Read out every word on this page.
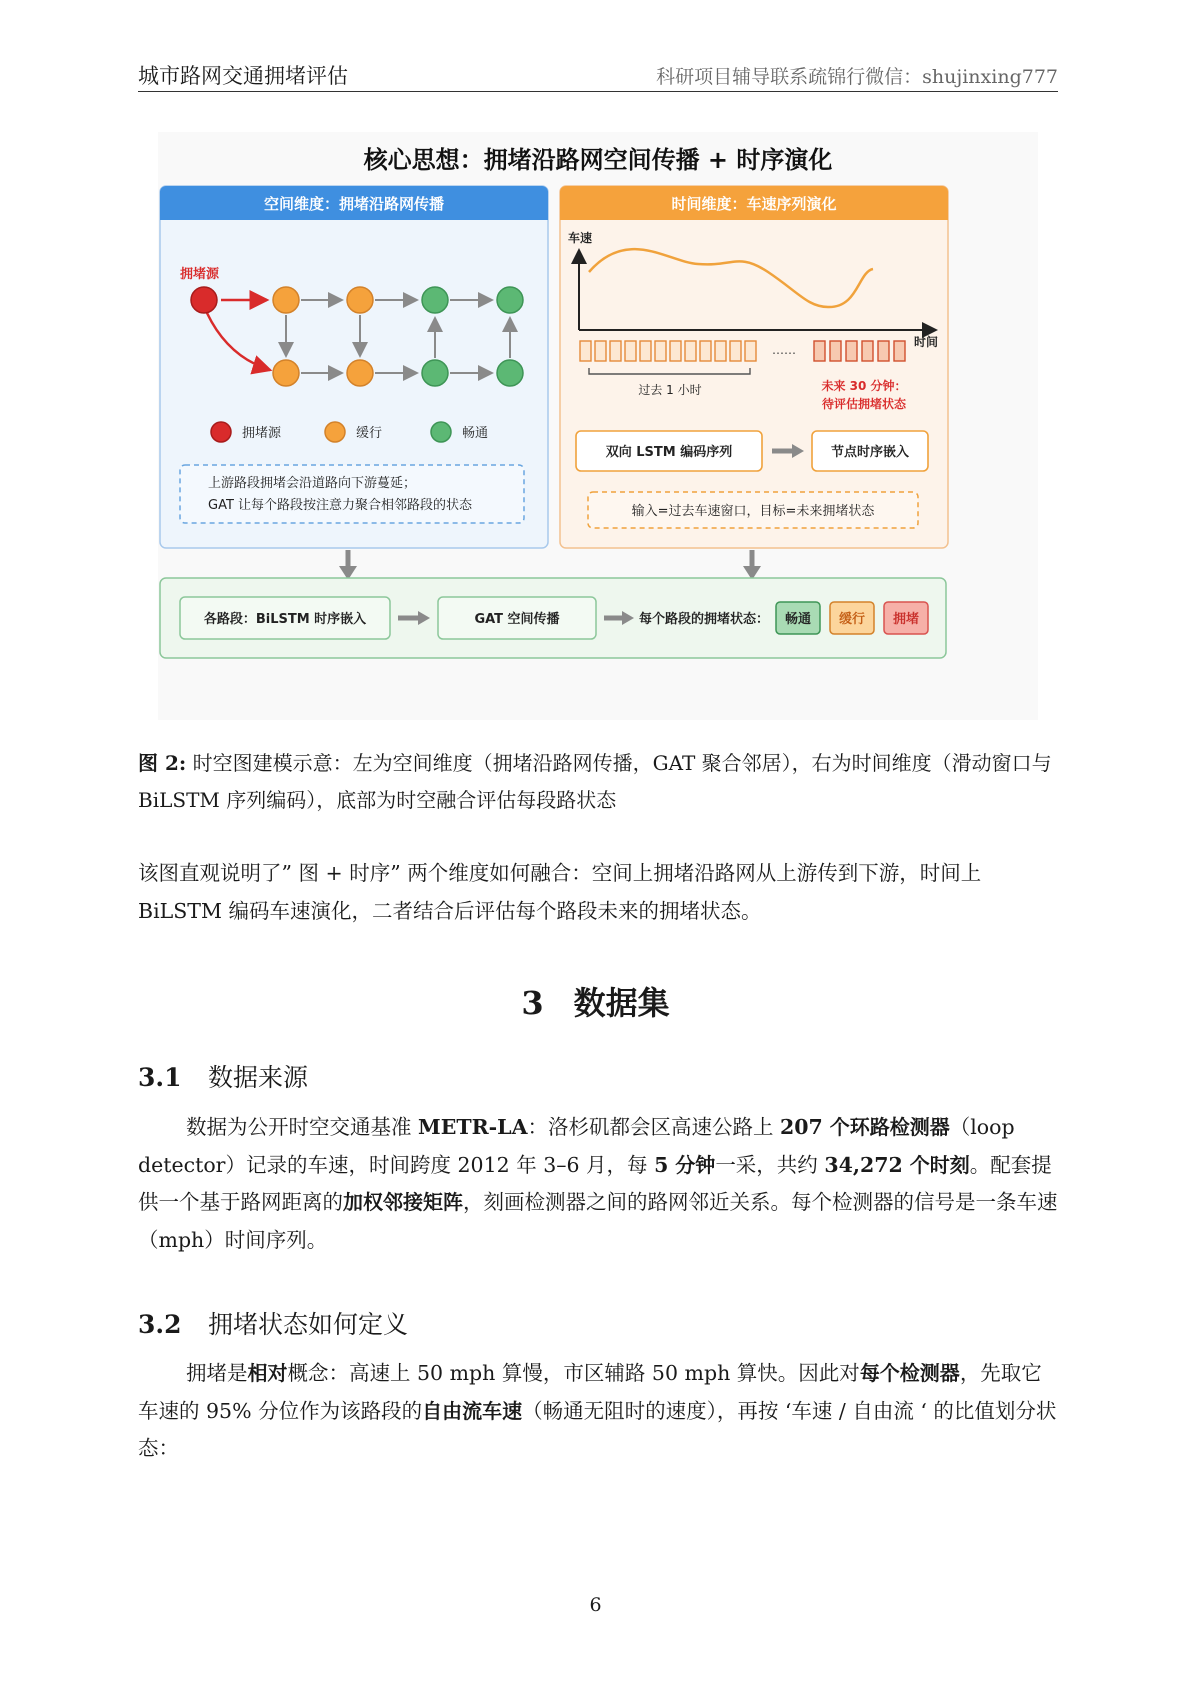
城市路网交通拥堵评估	科研项目辅导联系疏锦行微信：shujinxing777
核心思想：拥堵沿路网空间传播 + 时序演化
空间维度：拥堵沿路网传播
拥堵源
拥堵源	缓行	畅通
上游路段拥堵会沿道路向下游蔓延；
GAT 让每个路段按注意力聚合相邻路段的状态
时间维度：车速序列演化
车速
时间
……
过去 1 小时	未来 30 分钟：
待评估拥堵状态
双向 LSTM 编码序列	节点时序嵌入
输入=过去车速窗口，目标=未来拥堵状态
各路段：BiLSTM 时序嵌入	GAT 空间传播	每个路段的拥堵状态： 畅通 缓行 拥堵
图 2: 时空图建模示意：左为空间维度（拥堵沿路网传播，GAT 聚合邻居），右为时间维度（滑动窗口与 BiLSTM 序列编码），底部为时空融合评估每段路状态

该图直观说明了” 图 + 时序” 两个维度如何融合：空间上拥堵沿路网从上游传到下游，时间上 BiLSTM 编码车速演化，二者结合后评估每个路段未来的拥堵状态。

3 数据集
3.1 数据来源

数据为公开时空交通基准 METR-LA：洛杉矶都会区高速公路上 207 个环路检测器（loop detector）记录的车速，时间跨度 2012 年 3–6 月，每 5 分钟一采，共约 34,272 个时刻。配套提供一个基于路网距离的加权邻接矩阵，刻画检测器之间的路网邻近关系。每个检测器的信号是一条车速（mph）时间序列。

3.2 拥堵状态如何定义

拥堵是相对概念：高速上 50 mph 算慢，市区辅路 50 mph 算快。因此对每个检测器，先取它车速的 95% 分位作为该路段的自由流车速（畅通无阻时的速度），再按 ‘车速 / 自由流 ‘ 的比值划分状态：

6
